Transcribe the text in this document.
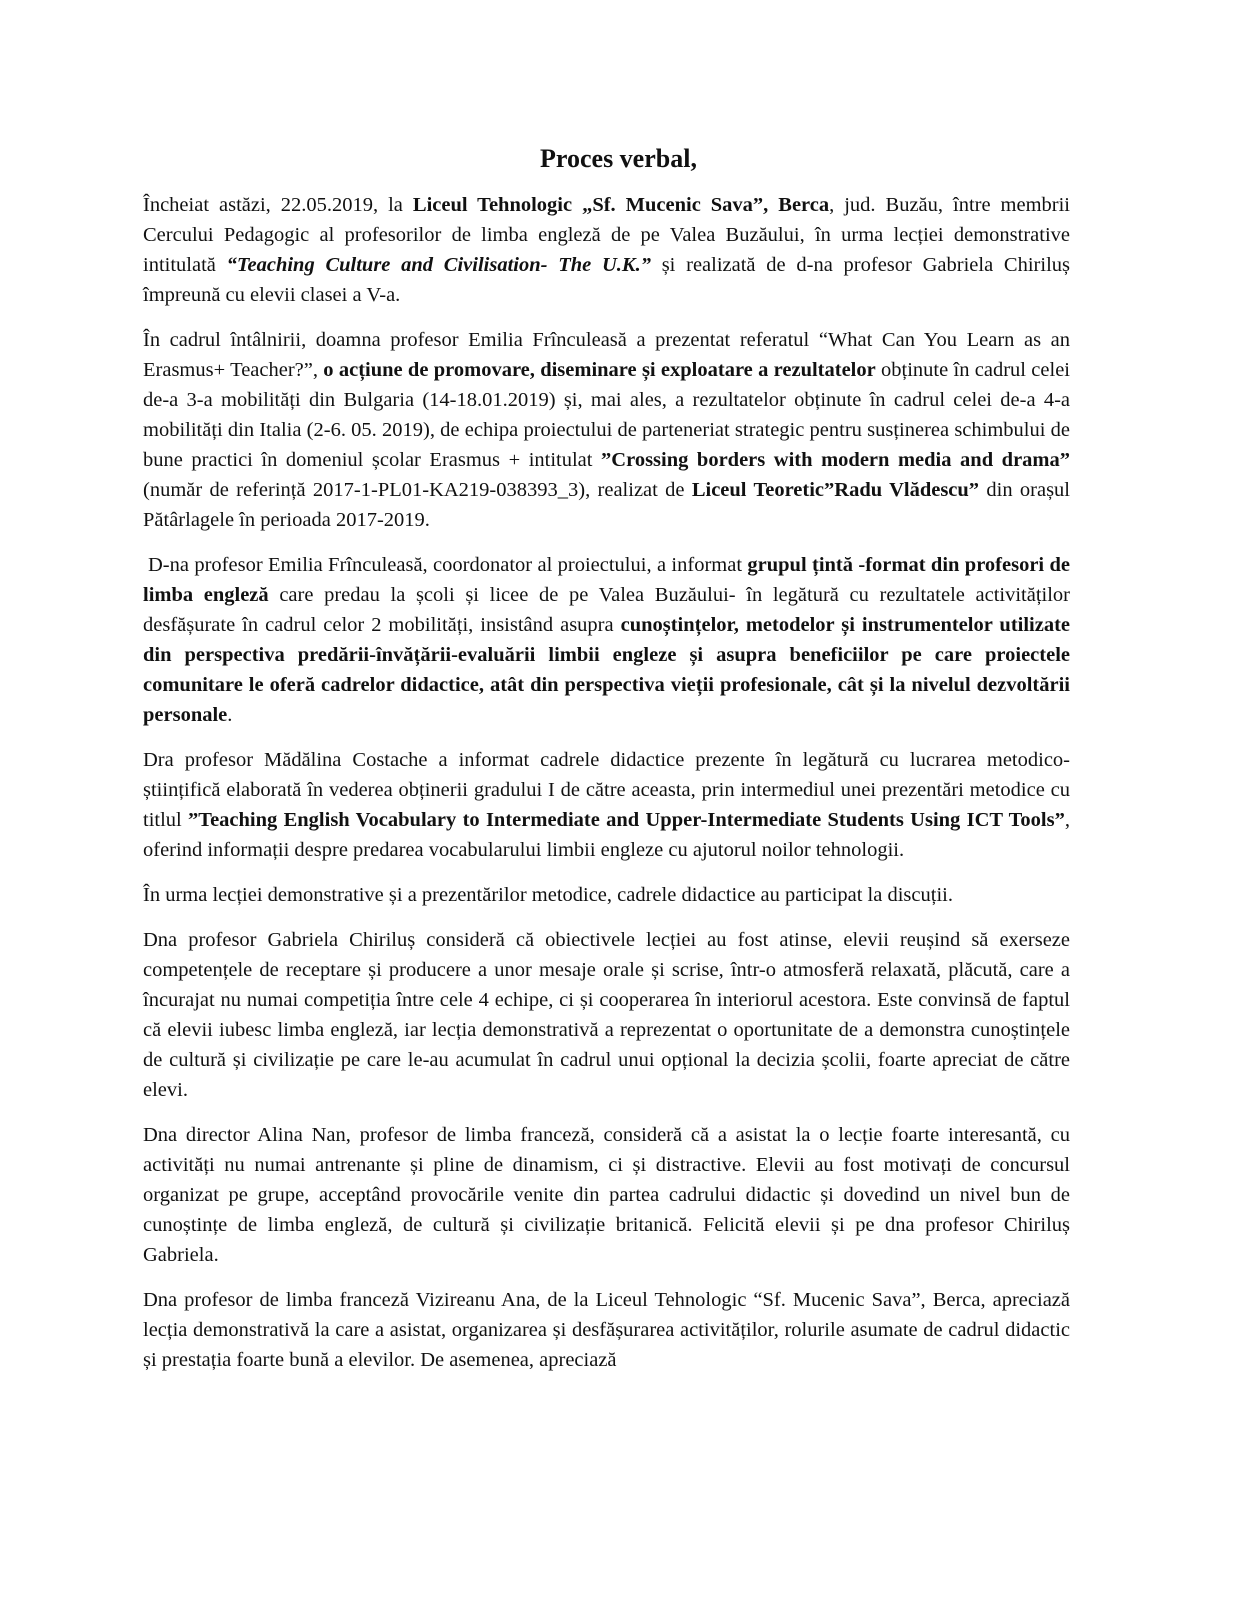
Proces verbal,

Încheiat astăzi, 22.05.2019, la Liceul Tehnologic „Sf. Mucenic Sava”, Berca, jud. Buzău, între membrii Cercului Pedagogic al profesorilor de limba engleză de pe Valea Buzăului, în urma lecției demonstrative intitulată “Teaching Culture and Civilisation- The U.K.” și realizată de d-na profesor Gabriela Chiriluș împreună cu elevii clasei a V-a.

În cadrul întâlnirii, doamna profesor Emilia Frînculeasă a prezentat referatul “What Can You Learn as an Erasmus+ Teacher?”, o acțiune de promovare, diseminare și exploatare a rezultatelor obținute în cadrul celei de-a 3-a mobilități din Bulgaria (14-18.01.2019) și, mai ales, a rezultatelor obținute în cadrul celei de-a 4-a mobilități din Italia (2-6. 05. 2019), de echipa proiectului de parteneriat strategic pentru susținerea schimbului de bune practici în domeniul școlar Erasmus + intitulat ”Crossing borders with modern media and drama” (număr de referință 2017-1-PL01-KA219-038393_3), realizat de Liceul Teoretic”Radu Vlădescu” din orașul Pătârlagele în perioada 2017-2019.

D-na profesor Emilia Frînculeasă, coordonator al proiectului, a informat grupul țintă -format din profesori de limba engleză care predau la școli și licee de pe Valea Buzăului- în legătură cu rezultatele activităților desfășurate în cadrul celor 2 mobilități, insistând asupra cunoștințelor, metodelor și instrumentelor utilizate din perspectiva predării-învățării-evaluării limbii engleze și asupra beneficiilor pe care proiectele comunitare le oferă cadrelor didactice, atât din perspectiva vieții profesionale, cât și la nivelul dezvoltării personale.

Dra profesor Mădălina Costache a informat cadrele didactice prezente în legătură cu lucrarea metodico-științifică elaborată în vederea obținerii gradului I de către aceasta, prin intermediul unei prezentări metodice cu titlul ”Teaching English Vocabulary to Intermediate and Upper-Intermediate Students Using ICT Tools”, oferind informații despre predarea vocabularului limbii engleze cu ajutorul noilor tehnologii.

În urma lecției demonstrative și a prezentărilor metodice, cadrele didactice au participat la discuții.

Dna profesor Gabriela Chiriluș consideră că obiectivele lecției au fost atinse, elevii reușind să exerseze competențele de receptare și producere a unor mesaje orale și scrise, într-o atmosferă relaxată, plăcută, care a încurajat nu numai competiția între cele 4 echipe, ci și cooperarea în interiorul acestora. Este convinsă de faptul că elevii iubesc limba engleză, iar lecția demonstrativă a reprezentat o oportunitate de a demonstra cunoștințele de cultură și civilizație pe care le-au acumulat în cadrul unui opțional la decizia școlii, foarte apreciat de către elevi.

Dna director Alina Nan, profesor de limba franceză, consideră că a asistat la o lecție foarte interesantă, cu activități nu numai antrenante și pline de dinamism, ci și distractive. Elevii au fost motivați de concursul organizat pe grupe, acceptând provocările venite din partea cadrului didactic și dovedind un nivel bun de cunoștințe de limba engleză, de cultură și civilizație britanică. Felicită elevii și pe dna profesor Chiriluș Gabriela.

Dna profesor de limba franceză Vizireanu Ana, de la Liceul Tehnologic “Sf. Mucenic Sava”, Berca, apreciază lecția demonstrativă la care a asistat, organizarea și desfășurarea activităților, rolurile asumate de cadrul didactic și prestația foarte bună a elevilor. De asemenea, apreciază
